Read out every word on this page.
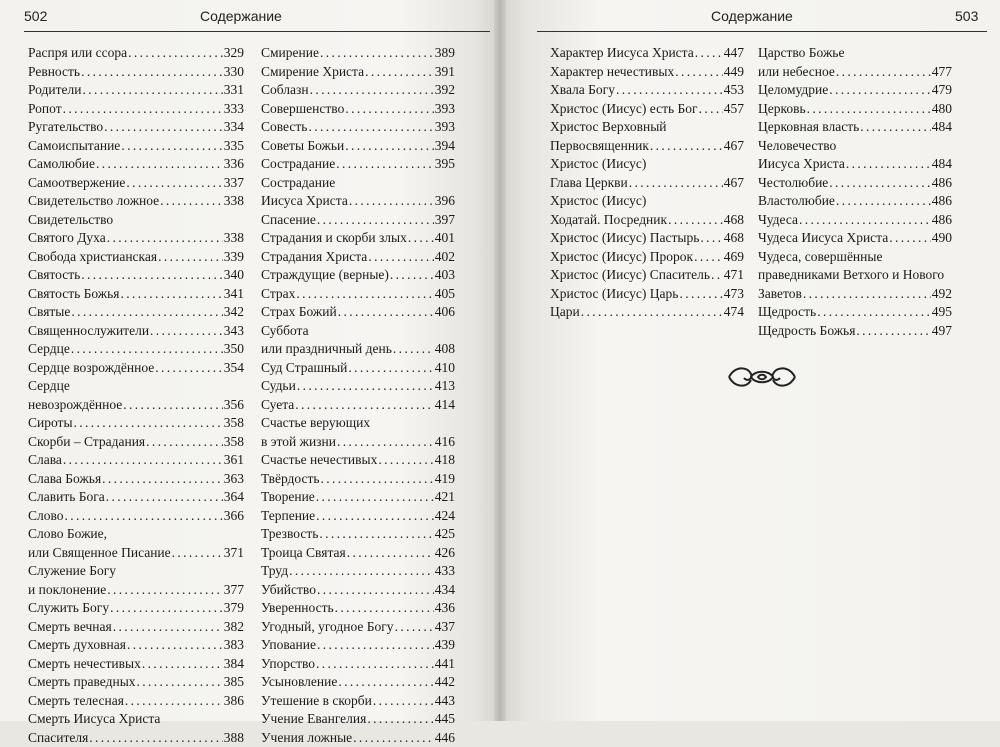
502	Содержание
Распря или ссора . . .	329
Ревность . . .	330
Родители . . .	331
Ропот . . .	333
Ругательство . . .	334
Самоиспытание . . .	335
Самолюбие . . .	336
Самоотвержение . . .	337
Свидетельство ложное . . .	338
Свидетельство
Святого Духа . . .	338
Свобода христианская . . .	339
Святость . . .	340
Святость Божья . . .	341
Святые . . .	342
Священнослужители . . .	343
Сердце . . .	350
Сердце возрождённое . . .	354
Сердце
невозрождённое . . .	356
Сироты . . .	358
Скорби – Страдания . . .	358
Слава . . .	361
Слава Божья . . .	363
Славить Бога . . .	364
Слово . . .	366
Слово Божие,
или Священное Писание . . .	371
Служение Богу
и поклонение . . .	377
Служить Богу . . .	379
Смерть вечная . . .	382
Смерть духовная . . .	383
Смерть нечестивых . . .	384
Смерть праведных . . .	385
Смерть телесная . . .	386
Смерть Иисуса Христа
Спасителя . . .	388
Смирение . . .	389
Смирение Христа . . .	391
Соблазн . . .	392
Совершенство . . .	393
Совесть . . .	393
Советы Божьи . . .	394
Сострадание . . .	395
Сострадание
Иисуса Христа . . .	396
Спасение . . .	397
Страдания и скорби злых . . . 401
Страдания Христа . . .	402
Страждущие (верные) . . .	403
Страх . . .	405
Страх Божий . . .	406
Суббота
или праздничный день . . .	408
Суд Страшный . . .	410
Судьи . . .	413
Суета . . .	414
Счастье верующих
в этой жизни . . .	416
Счастье нечестивых . . .	418
Твёрдость . . .	419
Творение . . .	421
Терпение . . .	424
Трезвость . . .	425
Троица Святая . . .	426
Труд . . .	433
Убийство . . .	434
Уверенность . . .	436
Угодный, угодное Богу . . .	437
Упование . . .	439
Упорство . . .	441
Усыновление . . .	442
Утешение в скорби . . .	443
Учение Евангелия . . .	445
Учения ложные . . .	446
Содержание	503
Характер Иисуса Христа . . . 447
Характер нечестивых . . .	449
Хвала Богу . . .	453
Христос (Иисус) есть Бог . . . 457
Христос Верховный
Первосвященник . . .	467
Христос (Иисус)
Глава Церкви . . .	467
Христос (Иисус)
Ходатай. Посредник . . .	468
Христос (Иисус) Пастырь . . . 468
Христос (Иисус) Пророк . . . 469
Христос (Иисус) Спаситель . . . 471
Христос (Иисус) Царь . . .	473
Цари . . .	474
Царство Божье
или небесное . . .	477
Целомудрие . . .	479
Церковь . . .	480
Церковная власть . . .	484
Человечество
Иисуса Христа . . .	484
Честолюбие . . .	486
Властолюбие . . .	486
Чудеса . . .	486
Чудеса Иисуса Христа . . .	490
Чудеса, совершённые
праведниками Ветхого и Нового
Заветов . . .	492
Щедрость . . .	495
Щедрость Божья . . .	497
